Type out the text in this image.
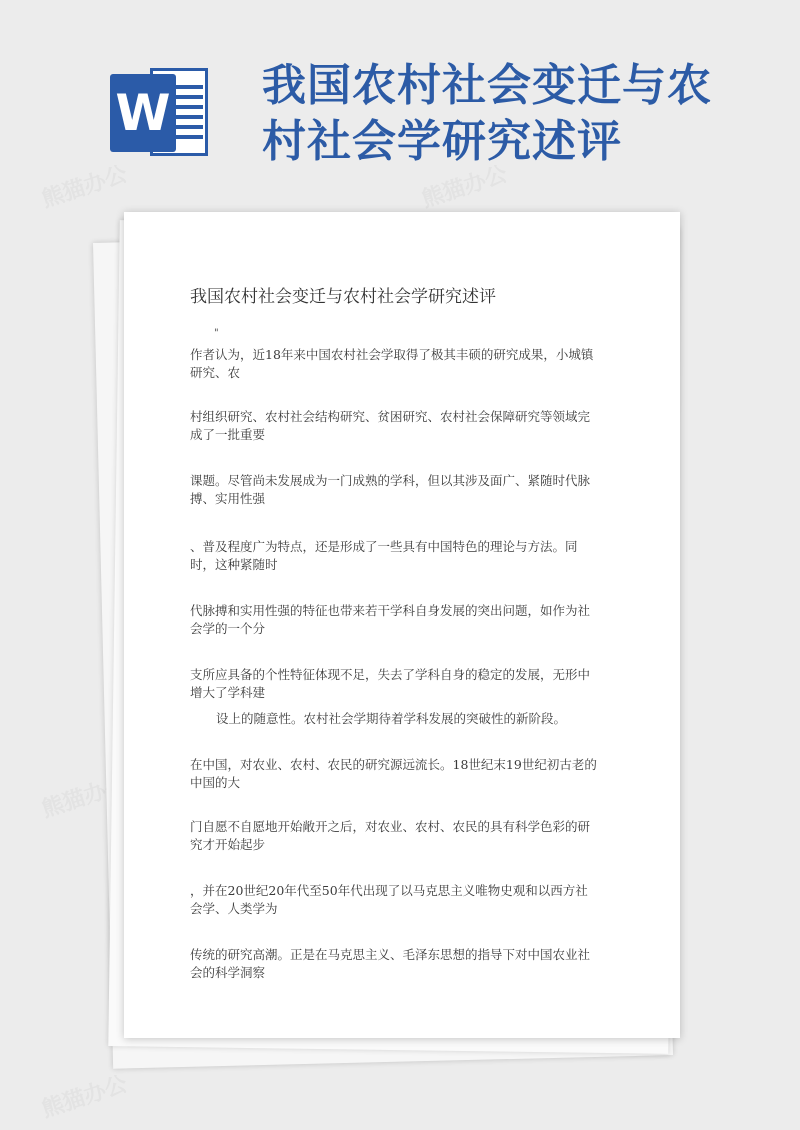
W 我国农村社会变迁与农村社会学研究述评
熊猫办公	熊猫办公
熊猫办公
熊猫办公
我国农村社会变迁与农村社会学研究述评
"
作者认为，近18年来中国农村社会学取得了极其丰硕的研究成果，小城镇研究、农
村组织研究、农村社会结构研究、贫困研究、农村社会保障研究等领域完成了一批重要
课题。尽管尚未发展成为一门成熟的学科，但以其涉及面广、紧随时代脉搏、实用性强
、普及程度广为特点，还是形成了一些具有中国特色的理论与方法。同时，这种紧随时
代脉搏和实用性强的特征也带来若干学科自身发展的突出问题，如作为社会学的一个分
支所应具备的个性特征体现不足，失去了学科自身的稳定的发展，无形中增大了学科建
设上的随意性。农村社会学期待着学科发展的突破性的新阶段。
在中国，对农业、农村、农民的研究源远流长。18世纪末19世纪初古老的中国的大
门自愿不自愿地开始敞开之后，对农业、农村、农民的具有科学色彩的研究才开始起步
，并在20世纪20年代至50年代出现了以马克思主义唯物史观和以西方社会学、人类学为
传统的研究高潮。正是在马克思主义、毛泽东思想的指导下对中国农业社会的科学洞察
